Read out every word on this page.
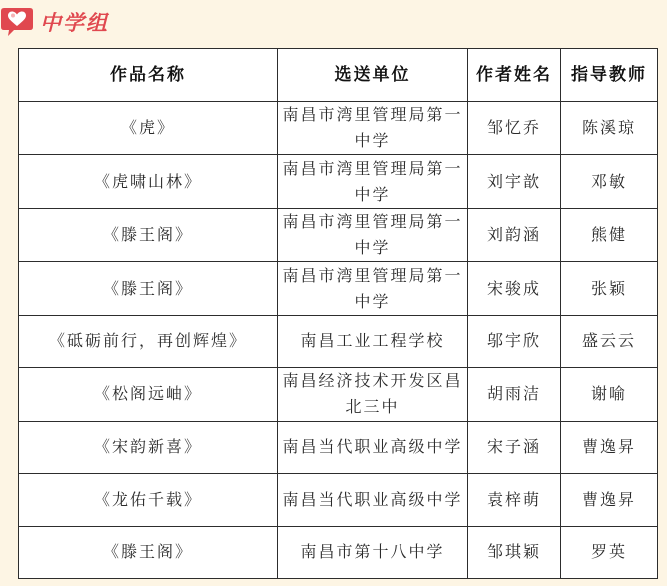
中学组
作品名称	选送单位	作者姓名	指导教师
《虎》	南昌市湾里管理局第一中学	邹忆乔	陈溪琼
《虎啸山林》	南昌市湾里管理局第一中学	刘宇歆	邓敏
《滕王阁》	南昌市湾里管理局第一中学	刘韵涵	熊健
《滕王阁》	南昌市湾里管理局第一中学	宋骏成	张颖
《砥砺前行，再创辉煌》	南昌工业工程学校	邬宇欣	盛云云
《松阁远岫》	南昌经济技术开发区昌北三中	胡雨洁	谢喻
《宋韵新喜》	南昌当代职业高级中学	宋子涵	曹逸昇
《龙佑千载》	南昌当代职业高级中学	袁梓萌	曹逸昇
《滕王阁》	南昌市第十八中学	邹琪颖	罗英
